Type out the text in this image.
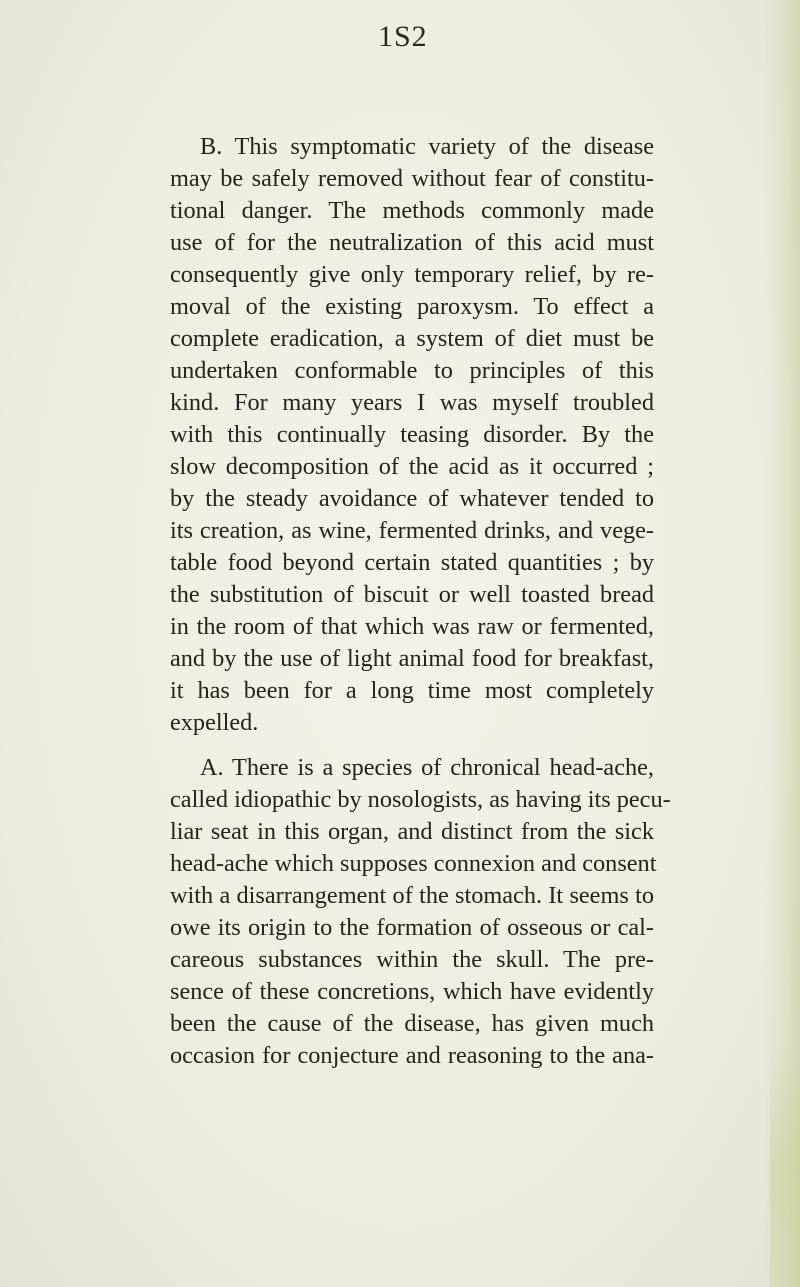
1S2
B. This symptomatic variety of the disease
may be safely removed without fear of constitu-
tional danger. The methods commonly made
use of for the neutralization of this acid must
consequently give only temporary relief, by re-
moval of the existing paroxysm. To effect a
complete eradication, a system of diet must be
undertaken conformable to principles of this
kind. For many years I was myself troubled
with this continually teasing disorder. By the
slow decomposition of the acid as it occurred ;
by the steady avoidance of whatever tended to
its creation, as wine, fermented drinks, and vege-
table food beyond certain stated quantities ; by
the substitution of biscuit or well toasted bread
in the room of that which was raw or fermented,
and by the use of light animal food for breakfast,
it has been for a long time most completely
expelled.
A. There is a species of chronical head-ache,
called idiopathic by nosologists, as having its pecu-
liar seat in this organ, and distinct from the sick
head-ache which supposes connexion and consent
with a disarrangement of the stomach. It seems to
owe its origin to the formation of osseous or cal-
careous substances within the skull. The pre-
sence of these concretions, which have evidently
been the cause of the disease, has given much
occasion for conjecture and reasoning to the ana-
